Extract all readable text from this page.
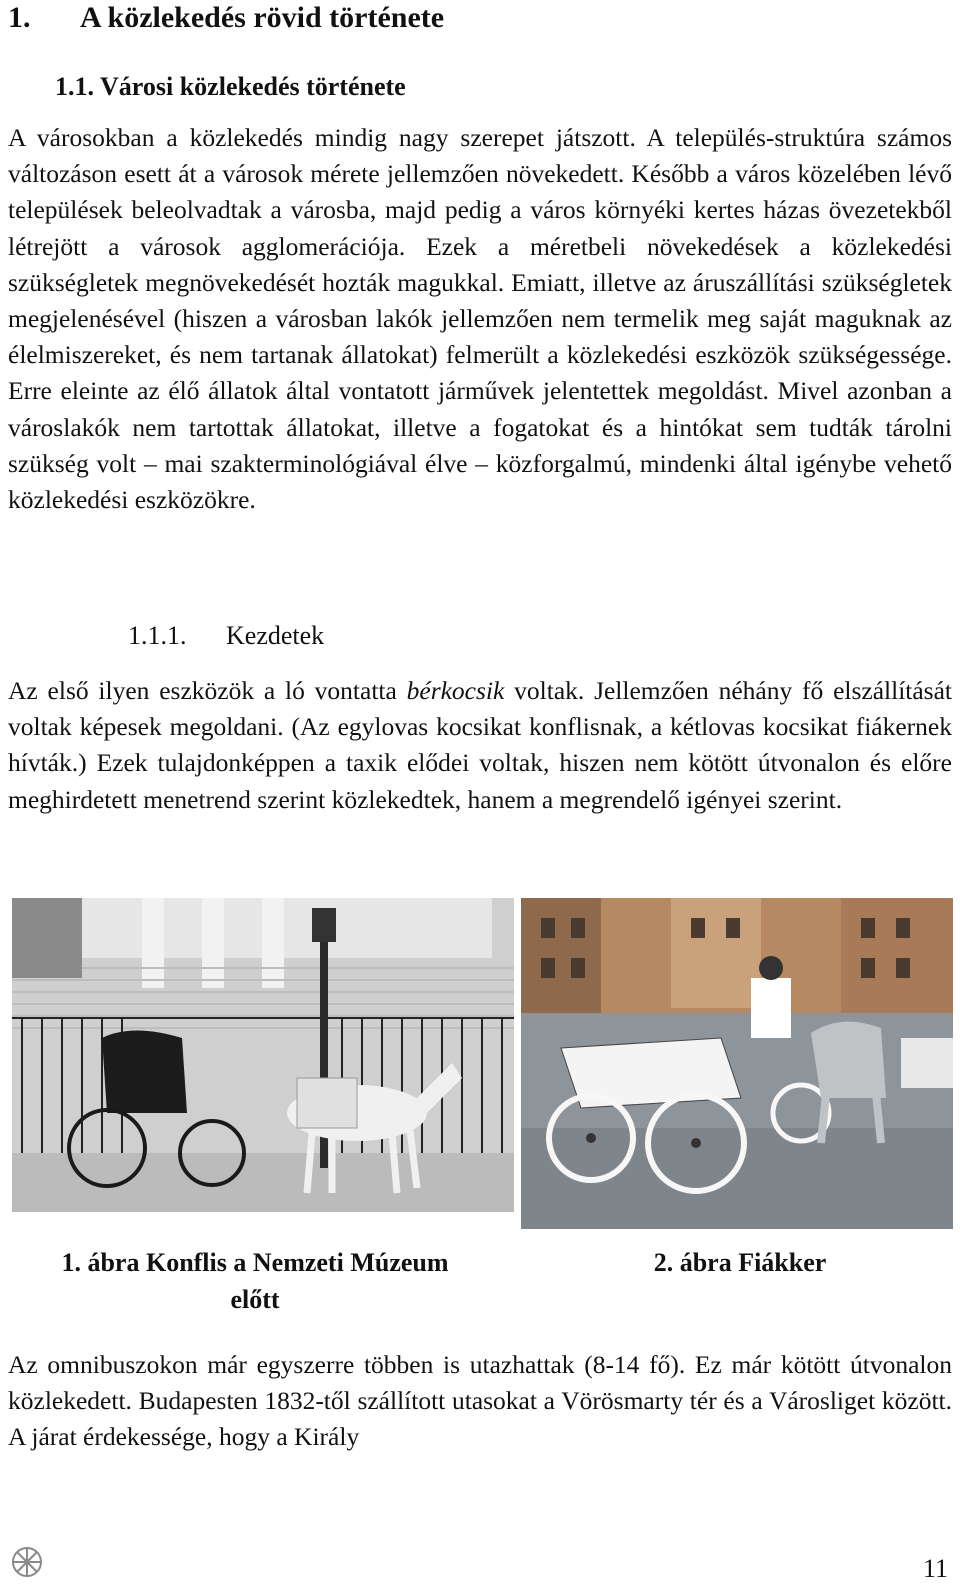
1. A közlekedés rövid története
1.1. Városi közlekedés története

A városokban a közlekedés mindig nagy szerepet játszott. A település-struktúra számos változáson esett át a városok mérete jellemzően növekedett. Később a város közelében lévő települések beleolvadtak a városba, majd pedig a város környéki kertes házas övezetekből létrejött a városok agglomerációja. Ezek a méretbeli növekedések a közlekedési szükségletek megnövekedését hozták magukkal. Emiatt, illetve az áruszállítási szükségletek megjelenésével (hiszen a városban lakók jellemzően nem termelik meg saját maguknak az élelmiszereket, és nem tartanak állatokat) felmerült a közlekedési eszközök szükségessége. Erre eleinte az élő állatok által vontatott járművek jelentettek megoldást. Mivel azonban a városlakók nem tartottak állatokat, illetve a fogatokat és a hintókat sem tudták tárolni szükség volt – mai szakterminológiával élve – közforgalmú, mindenki által igénybe vehető közlekedési eszközökre.

1.1.1. Kezdetek

Az első ilyen eszközök a ló vontatta bérkocsik voltak. Jellemzően néhány fő elszállítását voltak képesek megoldani. (Az egylovas kocsikat konflisnak, a kétlovas kocsikat fiákernek hívták.) Ezek tulajdonképpen a taxik elődei voltak, hiszen nem kötött útvonalon és előre meghirdetett menetrend szerint közlekedtek, hanem a megrendelő igényei szerint.

1. ábra Konflis a Nemzeti Múzeum előtt
2. ábra Fiákker

Az omnibuszokon már egyszerre többen is utazhattak (8-14 fő). Ez már kötött útvonalon közlekedett. Budapesten 1832-től szállított utasokat a Vörösmarty tér és a Városliget között. A járat érdekessége, hogy a Király

11
